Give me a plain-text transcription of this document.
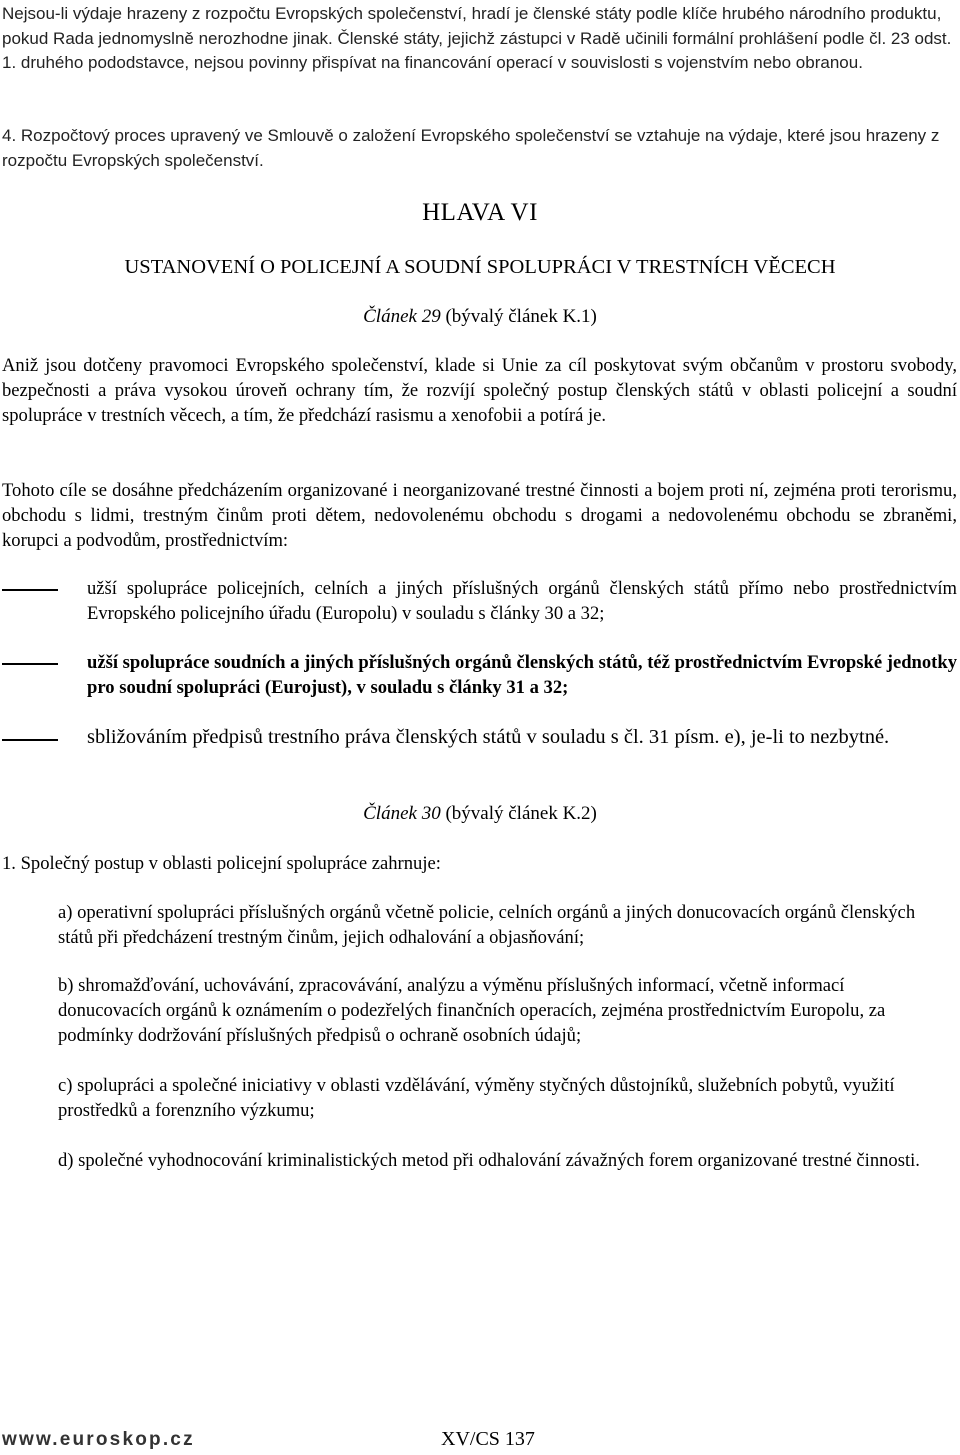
Nejsou-li výdaje hrazeny z rozpočtu Evropských společenství, hradí je členské státy podle klíče hrubého národního produktu, pokud Rada jednomyslně nerozhodne jinak. Členské státy, jejichž zástupci v Radě učinili formální prohlášení podle čl. 23 odst. 1. druhého pododstavce, nejsou povinny přispívat na financování operací v souvislosti s vojenstvím nebo obranou.

4. Rozpočtový proces upravený ve Smlouvě o založení Evropského společenství se vztahuje na výdaje, které jsou hrazeny z rozpočtu Evropských společenství.

HLAVA VI
USTANOVENÍ O POLICEJNÍ A SOUDNÍ SPOLUPRÁCI V TRESTNÍCH VĚCECH
Článek 29 (bývalý článek K.1)

Aniž jsou dotčeny pravomoci Evropského společenství, klade si Unie za cíl poskytovat svým občanům v prostoru svobody, bezpečnosti a práva vysokou úroveň ochrany tím, že rozvíjí společný postup členských států v oblasti policejní a soudní spolupráce v trestních věcech, a tím, že předchází rasismu a xenofobii a potírá je.

Tohoto cíle se dosáhne předcházením organizované i neorganizované trestné činnosti a bojem proti ní, zejména proti terorismu, obchodu s lidmi, trestným činům proti dětem, nedovolenému obchodu s drogami a nedovolenému obchodu se zbraněmi, korupci a podvodům, prostřednictvím:

užší spolupráce policejních, celních a jiných příslušných orgánů členských států přímo nebo prostřednictvím Evropského policejního úřadu (Europolu) v souladu s články 30 a 32;

užší spolupráce soudních a jiných příslušných orgánů členských států, též prostřednictvím Evropské jednotky pro soudní spolupráci (Eurojust), v souladu s články 31 a 32;

sbližováním předpisů trestního práva členských států v souladu s čl. 31 písm. e), je-li to nezbytné.

Článek 30 (bývalý článek K.2)

1. Společný postup v oblasti policejní spolupráce zahrnuje:

a) operativní spolupráci příslušných orgánů včetně policie, celních orgánů a jiných donucovacích orgánů členských států při předcházení trestným činům, jejich odhalování a objasňování;

b) shromažďování, uchovávání, zpracovávání, analýzu a výměnu příslušných informací, včetně informací donucovacích orgánů k oznámením o podezřelých finančních operacích, zejména prostřednictvím Europolu, za podmínky dodržování příslušných předpisů o ochraně osobních údajů;

c) spolupráci a společné iniciativy v oblasti vzdělávání, výměny styčných důstojníků, služebních pobytů, využití prostředků a forenzního výzkumu;

d) společné vyhodnocování kriminalistických metod při odhalování závažných forem organizované trestné činnosti.

www.euroskop.cz	XV/CS 137
